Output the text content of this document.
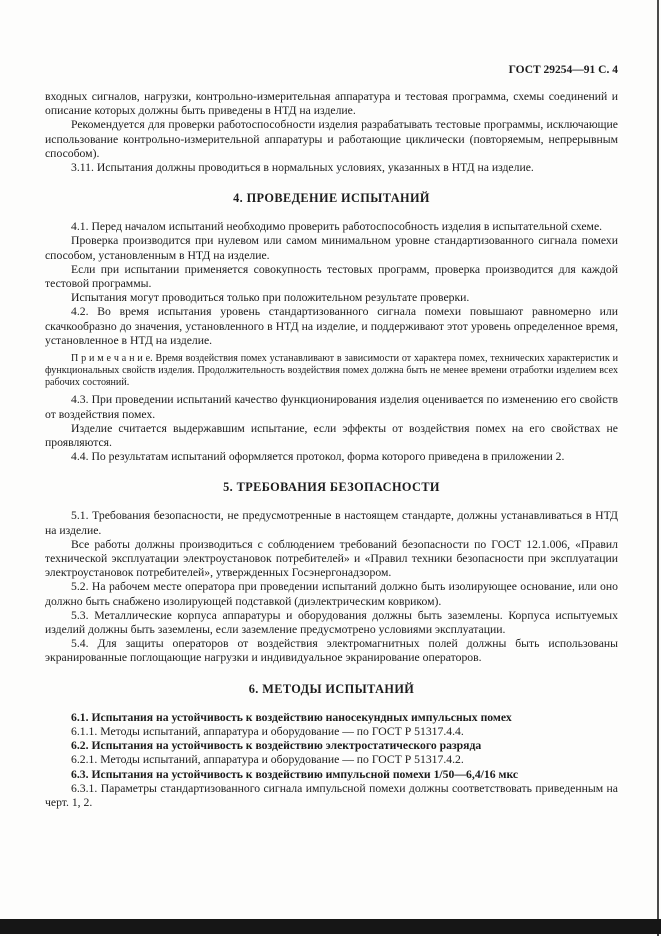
ГОСТ 29254—91 С. 4

входных сигналов, нагрузки, контрольно-измерительная аппаратура и тестовая программа, схемы соединений и описание которых должны быть приведены в НТД на изделие.

Рекомендуется для проверки работоспособности изделия разрабатывать тестовые программы, исключающие использование контрольно-измерительной аппаратуры и работающие циклически (повторяемым, непрерывным способом).

3.11. Испытания должны проводиться в нормальных условиях, указанных в НТД на изделие.

4. ПРОВЕДЕНИЕ ИСПЫТАНИЙ

4.1. Перед началом испытаний необходимо проверить работоспособность изделия в испытательной схеме.

Проверка производится при нулевом или самом минимальном уровне стандартизованного сигнала помехи способом, установленным в НТД на изделие.

Если при испытании применяется совокупность тестовых программ, проверка производится для каждой тестовой программы.

Испытания могут проводиться только при положительном результате проверки.

4.2. Во время испытания уровень стандартизованного сигнала помехи повышают равномерно или скачкообразно до значения, установленного в НТД на изделие, и поддерживают этот уровень определенное время, установленное в НТД на изделие.

П р и м е ч а н и е. Время воздействия помех устанавливают в зависимости от характера помех, технических характеристик и функциональных свойств изделия. Продолжительность воздействия помех должна быть не менее времени отработки изделием всех рабочих состояний.

4.3. При проведении испытаний качество функционирования изделия оценивается по изменению его свойств от воздействия помех.

Изделие считается выдержавшим испытание, если эффекты от воздействия помех на его свойствах не проявляются.

4.4. По результатам испытаний оформляется протокол, форма которого приведена в приложении 2.

5. ТРЕБОВАНИЯ БЕЗОПАСНОСТИ

5.1. Требования безопасности, не предусмотренные в настоящем стандарте, должны устанавливаться в НТД на изделие.

Все работы должны производиться с соблюдением требований безопасности по ГОСТ 12.1.006, «Правил технической эксплуатации электроустановок потребителей» и «Правил техники безопасности при эксплуатации электроустановок потребителей», утвержденных Госэнергонадзором.

5.2. На рабочем месте оператора при проведении испытаний должно быть изолирующее основание, или оно должно быть снабжено изолирующей подставкой (диэлектрическим ковриком).

5.3. Металлические корпуса аппаратуры и оборудования должны быть заземлены. Корпуса испытуемых изделий должны быть заземлены, если заземление предусмотрено условиями эксплуатации.

5.4. Для защиты операторов от воздействия электромагнитных полей должны быть использованы экранированные поглощающие нагрузки и индивидуальное экранирование операторов.

6. МЕТОДЫ ИСПЫТАНИЙ

6.1. Испытания на устойчивость к воздействию наносекундных импульсных помех

6.1.1. Методы испытаний, аппаратура и оборудование — по ГОСТ Р 51317.4.4.

6.2. Испытания на устойчивость к воздействию электростатического разряда

6.2.1. Методы испытаний, аппаратура и оборудование — по ГОСТ Р 51317.4.2.

6.3. Испытания на устойчивость к воздействию импульсной помехи 1/50—6,4/16 мкс

6.3.1. Параметры стандартизованного сигнала импульсной помехи должны соответствовать приведенным на черт. 1, 2.
